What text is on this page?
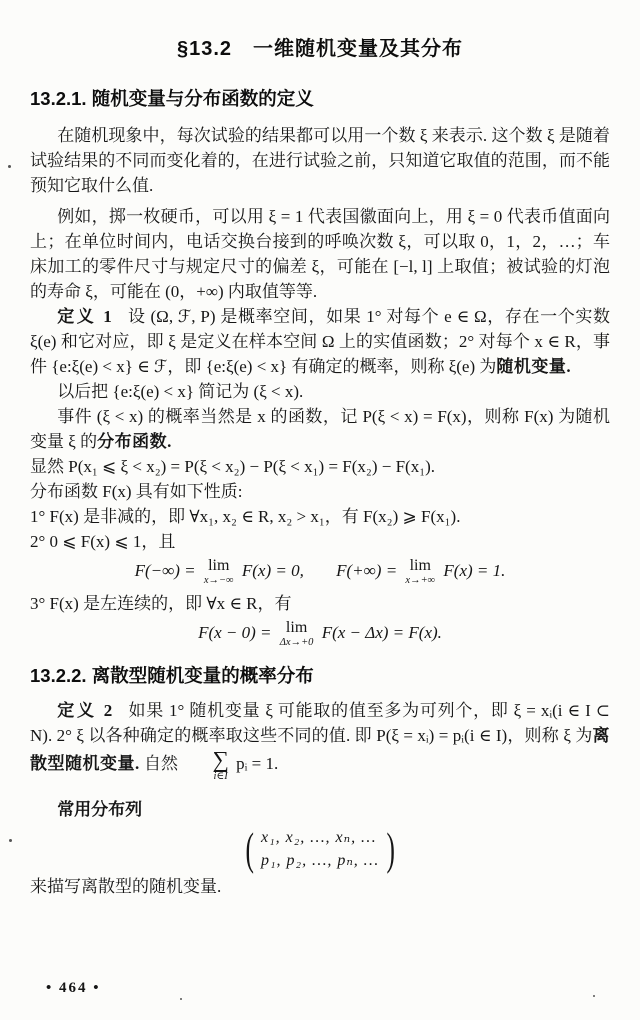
§13.2　一维随机变量及其分布
13.2.1. 随机变量与分布函数的定义

在随机现象中，每次试验的结果都可以用一个数 ξ 来表示. 这个数 ξ 是随着试验结果的不同而变化着的，在进行试验之前，只知道它取值的范围，而不能预知它取什么值.

例如，掷一枚硬币，可以用 ξ = 1 代表国徽面向上，用 ξ = 0 代表币值面向上；在单位时间内，电话交换台接到的呼唤次数 ξ，可以取 0，1，2，…；车床加工的零件尺寸与规定尺寸的偏差 ξ，可能在 [−l, l] 上取值；被试验的灯泡的寿命 ξ，可能在 (0，+∞) 内取值等等.

定义 1 设 (Ω, ℱ, P) 是概率空间，如果 1° 对每个 e ∈ Ω，存在一个实数 ξ(e) 和它对应，即 ξ 是定义在样本空间 Ω 上的实值函数；2° 对每个 x ∈ R，事件 {e:ξ(e) < x} ∈ ℱ，即 {e:ξ(e) < x} 有确定的概率，则称 ξ(e) 为随机变量.

以后把 {e:ξ(e) < x} 简记为 (ξ < x).

事件 (ξ < x) 的概率当然是 x 的函数，记 P(ξ < x) = F(x)，则称 F(x) 为随机变量 ξ 的分布函数.

显然 P(x₁ ⩽ ξ < x₂) = P(ξ < x₂) − P(ξ < x₁) = F(x₂) − F(x₁).

分布函数 F(x) 具有如下性质:

1° F(x) 是非减的，即 ∀x₁, x₂ ∈ R, x₂ > x₁，有 F(x₂) ⩾ F(x₁).

2° 0 ⩽ F(x) ⩽ 1，且

F(−∞) = lim
x→−∞
F(x) = 0, F(+∞) = lim
x→+∞
F(x) = 1.

3° F(x) 是左连续的，即 ∀x ∈ R，有

F(x − 0) = lim
Δx→+0
F(x − Δx) = F(x).
13.2.2. 离散型随机变量的概率分布

定义 2 如果 1° 随机变量 ξ 可能取的值至多为可列个，即 ξ = xᵢ(i ∈ I ⊂ N). 2° ξ 以各种确定的概率取这些不同的值. 即 P(ξ = xᵢ) = pᵢ(i ∈ I)，则称 ξ 为离散型随机变量. 自然	∑
i∈I
pᵢ = 1.

常用分布列

( x₁, x₂, …, xₙ, …
p₁, p₂, …, pₙ, … )

来描写离散型的随机变量.

• 464 •
